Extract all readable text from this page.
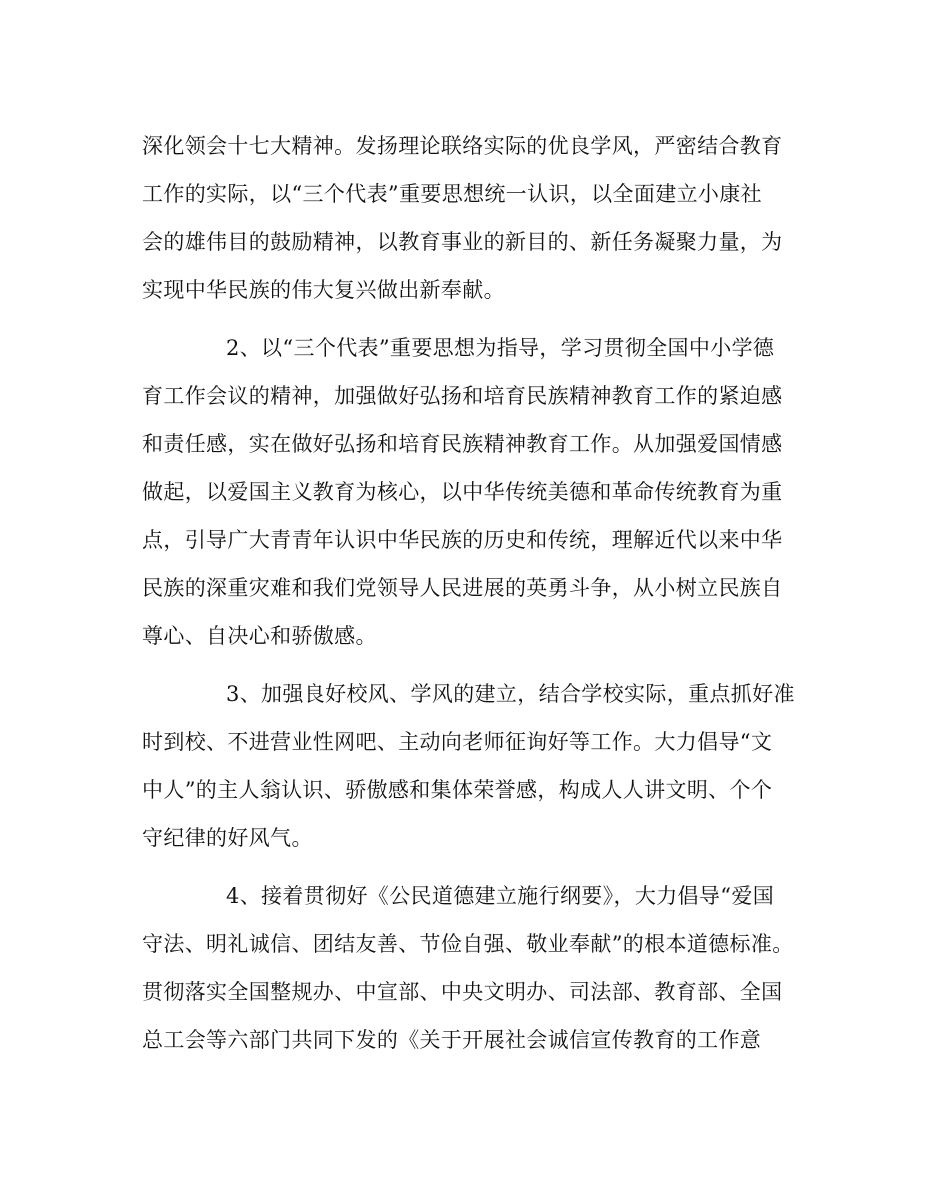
深化领会十七大精神。发扬理论联络实际的优良学风，严密结合教育
工作的实际，以“三个代表”重要思想统一认识，以全面建立小康社
会的雄伟目的鼓励精神，以教育事业的新目的、新任务凝聚力量，为
实现中华民族的伟大复兴做出新奉献。
2、以“三个代表”重要思想为指导，学习贯彻全国中小学德
育工作会议的精神，加强做好弘扬和培育民族精神教育工作的紧迫感
和责任感，实在做好弘扬和培育民族精神教育工作。从加强爱国情感
做起，以爱国主义教育为核心，以中华传统美德和革命传统教育为重
点，引导广大青青年认识中华民族的历史和传统，理解近代以来中华
民族的深重灾难和我们党领导人民进展的英勇斗争，从小树立民族自
尊心、自决心和骄傲感。
3、加强良好校风、学风的建立，结合学校实际，重点抓好准
时到校、不进营业性网吧、主动向老师征询好等工作。大力倡导“文
中人”的主人翁认识、骄傲感和集体荣誉感，构成人人讲文明、个个
守纪律的好风气。
4、接着贯彻好《公民道德建立施行纲要》，大力倡导“爱国
守法、明礼诚信、团结友善、节俭自强、敬业奉献”的根本道德标准。
贯彻落实全国整规办、中宣部、中央文明办、司法部、教育部、全国
总工会等六部门共同下发的《关于开展社会诚信宣传教育的工作意
